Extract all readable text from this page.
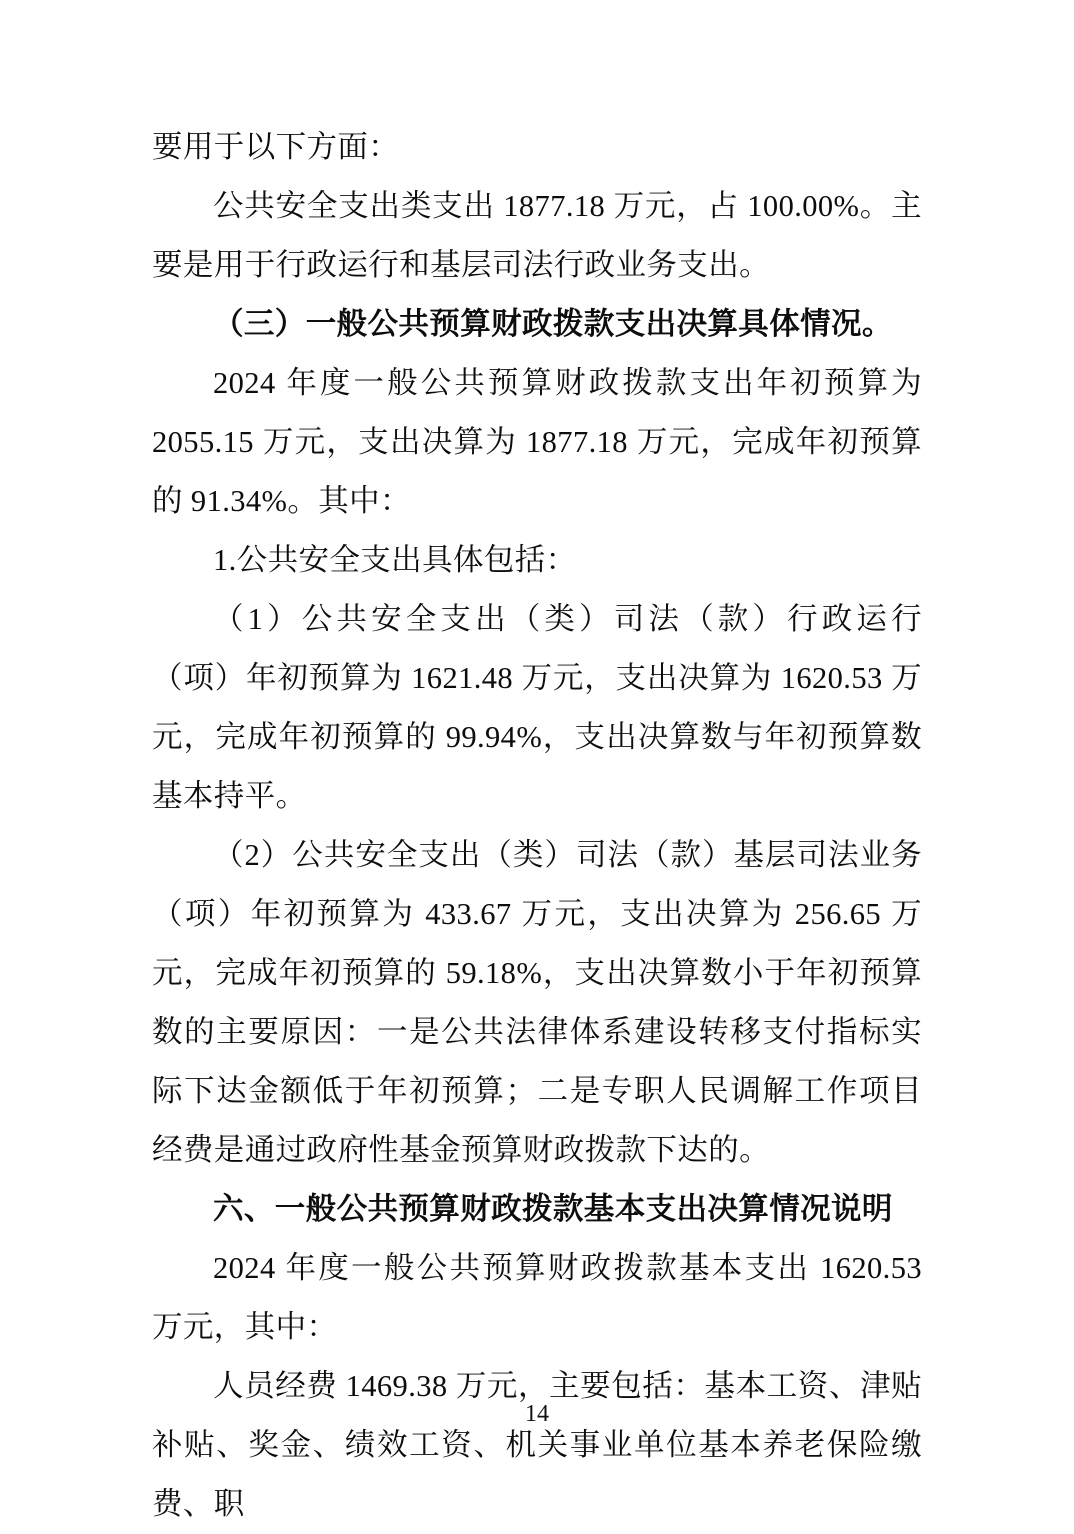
要用于以下方面：

公共安全支出类支出 1877.18 万元，占 100.00%。主要是用于行政运行和基层司法行政业务支出。

（三）一般公共预算财政拨款支出决算具体情况。

2024 年度一般公共预算财政拨款支出年初预算为 2055.15 万元，支出决算为 1877.18 万元，完成年初预算的 91.34%。其中：

1.公共安全支出具体包括：

（1）公共安全支出（类）司法（款）行政运行（项）年初预算为 1621.48 万元，支出决算为 1620.53 万元，完成年初预算的 99.94%，支出决算数与年初预算数基本持平。

（2）公共安全支出（类）司法（款）基层司法业务（项）年初预算为 433.67 万元，支出决算为 256.65 万元，完成年初预算的 59.18%，支出决算数小于年初预算数的主要原因：一是公共法律体系建设转移支付指标实际下达金额低于年初预算；二是专职人民调解工作项目经费是通过政府性基金预算财政拨款下达的。

六、一般公共预算财政拨款基本支出决算情况说明

2024 年度一般公共预算财政拨款基本支出 1620.53 万元，其中：

人员经费 1469.38 万元，主要包括：基本工资、津贴补贴、奖金、绩效工资、机关事业单位基本养老保险缴费、职

14
